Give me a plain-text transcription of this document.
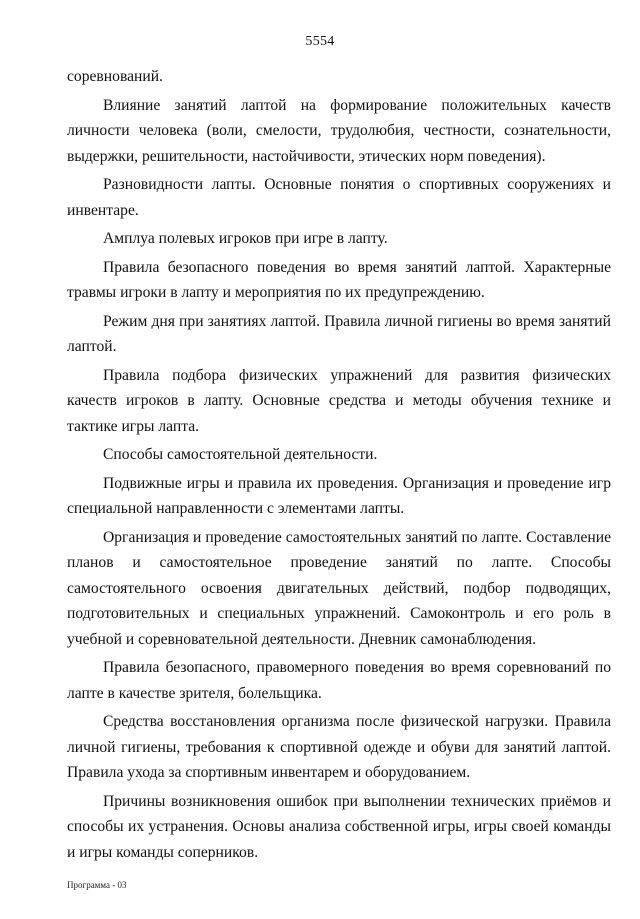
5554

соревнований.

Влияние занятий лаптой на формирование положительных качеств личности человека (воли, смелости, трудолюбия, честности, сознательности, выдержки, решительности, настойчивости, этических норм поведения).

Разновидности лапты. Основные понятия о спортивных сооружениях и инвентаре.

Амплуа полевых игроков при игре в лапту.

Правила безопасного поведения во время занятий лаптой. Характерные травмы игроки в лапту и мероприятия по их предупреждению.

Режим дня при занятиях лаптой. Правила личной гигиены во время занятий лаптой.

Правила подбора физических упражнений для развития физических качеств игроков в лапту. Основные средства и методы обучения технике и тактике игры лапта.

Способы самостоятельной деятельности.

Подвижные игры и правила их проведения. Организация и проведение игр специальной направленности с элементами лапты.

Организация и проведение самостоятельных занятий по лапте. Составление планов и самостоятельное проведение занятий по лапте. Способы самостоятельного освоения двигательных действий, подбор подводящих, подготовительных и специальных упражнений. Самоконтроль и его роль в учебной и соревновательной деятельности. Дневник самонаблюдения.

Правила безопасного, правомерного поведения во время соревнований по лапте в качестве зрителя, болельщика.

Средства восстановления организма после физической нагрузки. Правила личной гигиены, требования к спортивной одежде и обуви для занятий лаптой. Правила ухода за спортивным инвентарем и оборудованием.

Причины возникновения ошибок при выполнении технических приёмов и способы их устранения. Основы анализа собственной игры, игры своей команды и игры команды соперников.

Программа - 03
